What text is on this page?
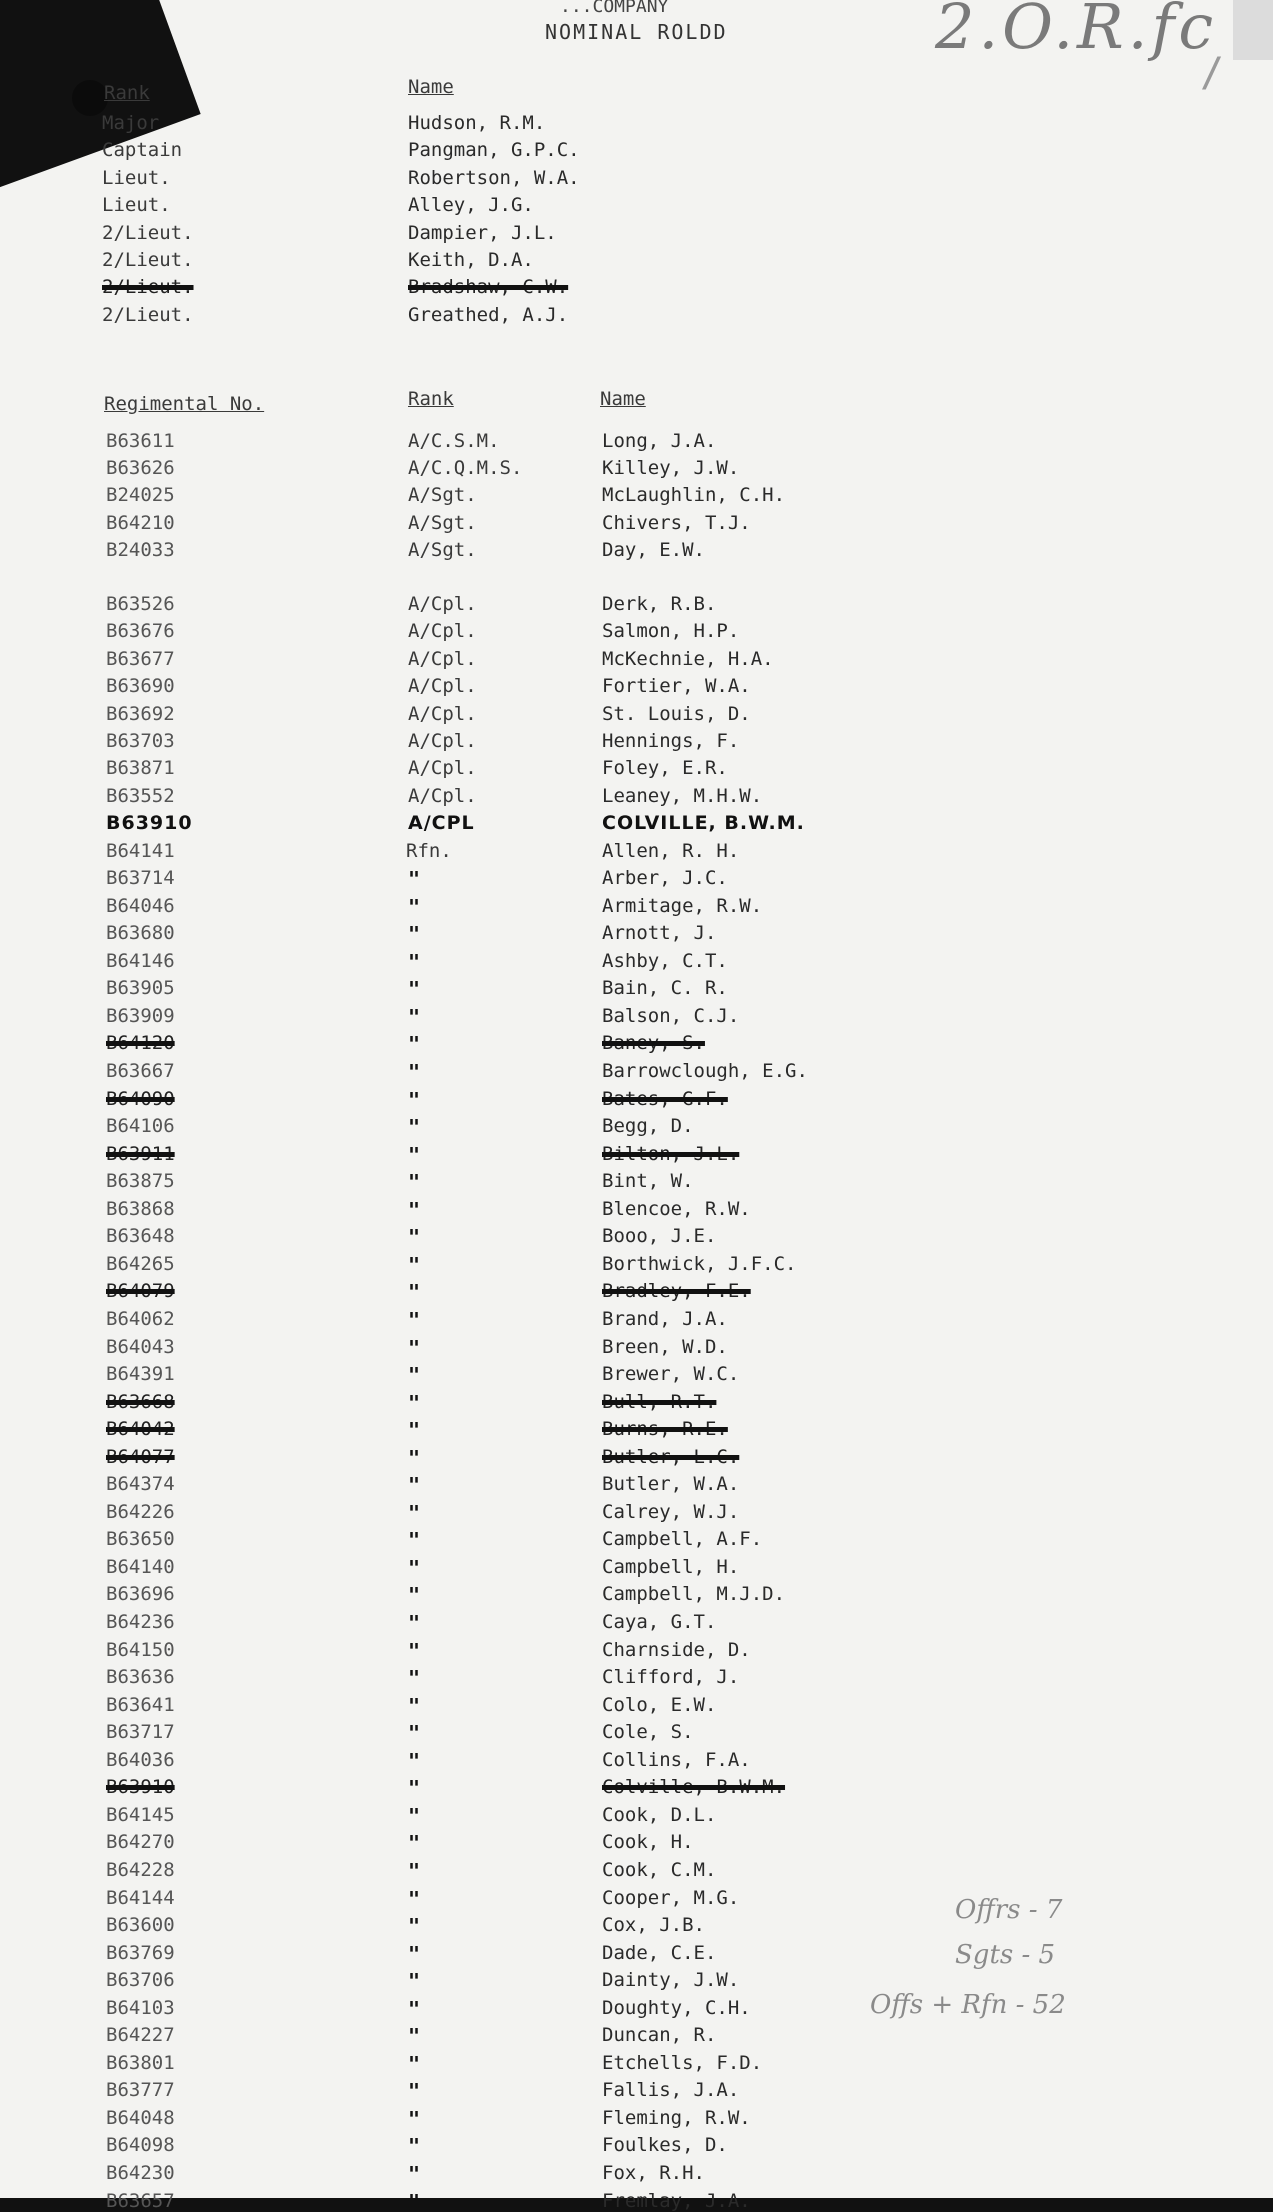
...COMPANY
NOMINAL ROLDD	2.O.R.fc
/
Rank	Name
Major	Hudson, R.M.
Captain	Pangman, G.P.C.
Lieut.	Robertson, W.A.
Lieut.	Alley, J.G.
2/Lieut.	Dampier, J.L.
2/Lieut.	Keith, D.A.
2/Lieut.	Bradshaw, C.W.
2/Lieut.	Greathed, A.J.
Regimental No.	Rank	Name
B63611	A/C.S.M.	Long, J.A.
B63626	A/C.Q.M.S.	Killey, J.W.
B24025	A/Sgt.	McLaughlin, C.H.
B64210	A/Sgt.	Chivers, T.J.
B24033	A/Sgt.	Day, E.W.
B63526	A/Cpl.	Derk, R.B.
B63676	A/Cpl.	Salmon, H.P.
B63677	A/Cpl.	McKechnie, H.A.
B63690	A/Cpl.	Fortier, W.A.
B63692	A/Cpl.	St. Louis, D.
B63703	A/Cpl.	Hennings, F.
B63871	A/Cpl.	Foley, E.R.
B63552	A/Cpl.	Leaney, M.H.W.
B63910	A/CPL	COLVILLE, B.W.M.
B64141	Rfn.	Allen, R. H.
B63714	"	Arber, J.C.
B64046	"	Armitage, R.W.
B63680	"	Arnott, J.
B64146	"	Ashby, C.T.
B63905	"	Bain, C. R.
B63909	"	Balson, C.J.
B64120	"	Baney, S.
B63667	"	Barrowclough, E.G.
B64090	"	Bates, G.F.
B64106	"	Begg, D.
B63911	"	Bilton, J.L.
B63875	"	Bint, W.
B63868	"	Blencoe, R.W.
B63648	"	Booo, J.E.
B64265	"	Borthwick, J.F.C.
B64079	"	Bradley, F.E.
B64062	"	Brand, J.A.
B64043	"	Breen, W.D.
B64391	"	Brewer, W.C.
B63668	"	Bull, R.T.
B64042	"	Burns, R.E.
B64077	"	Butler, L.C.
B64374	"	Butler, W.A.
B64226	"	Calrey, W.J.
B63650	"	Campbell, A.F.
B64140	"	Campbell, H.
B63696	"	Campbell, M.J.D.
B64236	"	Caya, G.T.
B64150	"	Charnside, D.
B63636	"	Clifford, J.
B63641	"	Colo, E.W.
B63717	"	Cole, S.
B64036	"	Collins, F.A.
B63910	"	Colville, B.W.M.
B64145	"	Cook, D.L.
B64270	"	Cook, H.
B64228	"	Cook, C.M.
B64144	"	Cooper, M.G.
B63600	"	Cox, J.B.
B63769	"	Dade, C.E.
B63706	"	Dainty, J.W.
B64103	"	Doughty, C.H.
B64227	"	Duncan, R.
B63801	"	Etchells, F.D.
B63777	"	Fallis, J.A.
B64048	"	Fleming, R.W.
B64098	"	Foulkes, D.
B64230	"	Fox, R.H.
B63657	"	Fremlay, J.A.
Offrs - 7
Sgts - 5
Offs + Rfn - 52
